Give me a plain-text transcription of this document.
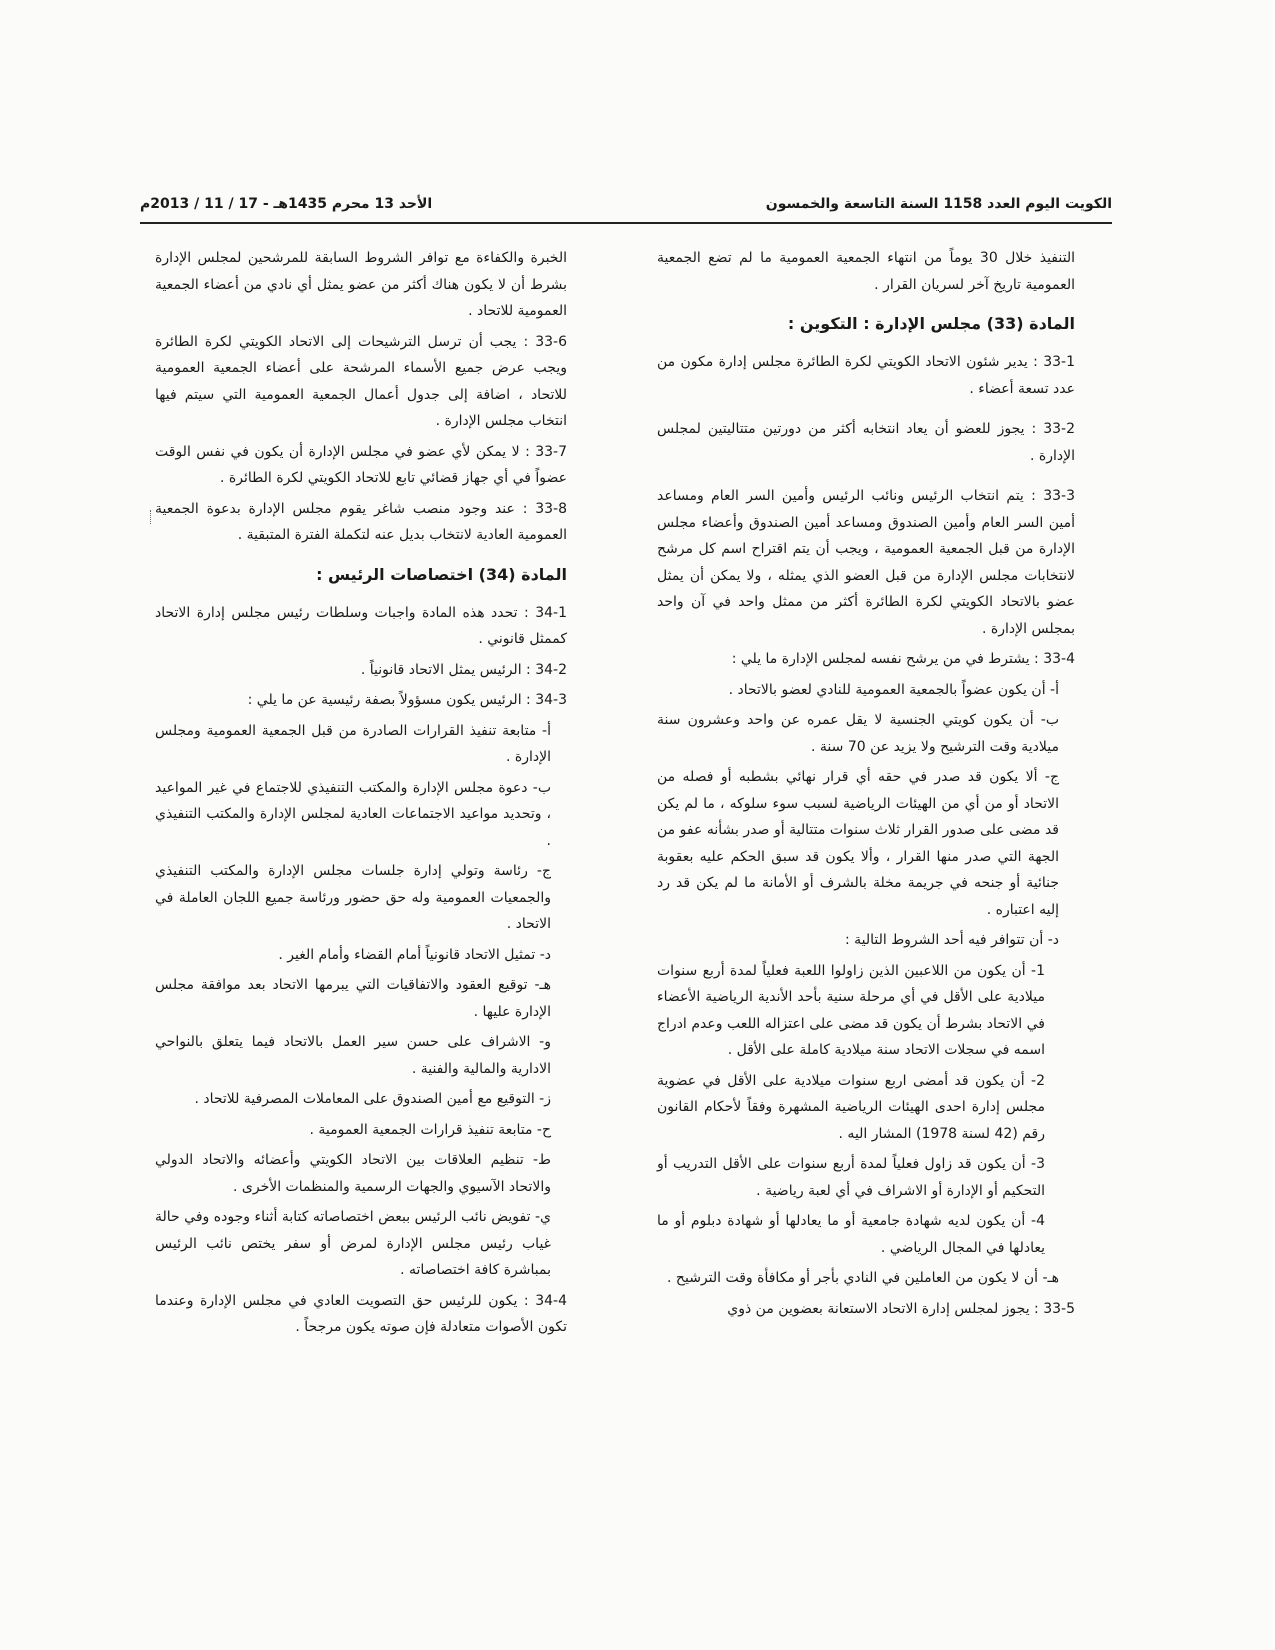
الكويت اليوم العدد 1158 السنة التاسعة والخمسون
الأحد 13 محرم 1435هـ - 17 / 11 / 2013م

التنفيذ خلال 30 يوماً من انتهاء الجمعية العمومية ما لم تضع الجمعية العمومية تاريخ آخر لسريان القرار .

المادة (33) مجلس الإدارة : التكوين :

33-1 : يدير شئون الاتحاد الكويتي لكرة الطائرة مجلس إدارة مكون من عدد تسعة أعضاء .

33-2 : يجوز للعضو أن يعاد انتخابه أكثر من دورتين متتاليتين لمجلس الإدارة .

33-3 : يتم انتخاب الرئيس ونائب الرئيس وأمين السر العام ومساعد أمين السر العام وأمين الصندوق ومساعد أمين الصندوق وأعضاء مجلس الإدارة من قبل الجمعية العمومية ، ويجب أن يتم اقتراح اسم كل مرشح لانتخابات مجلس الإدارة من قبل العضو الذي يمثله ، ولا يمكن أن يمثل عضو بالاتحاد الكويتي لكرة الطائرة أكثر من ممثل واحد في آن واحد بمجلس الإدارة .

33-4 : يشترط في من يرشح نفسه لمجلس الإدارة ما يلي :

أ- أن يكون عضواً بالجمعية العمومية للنادي لعضو بالاتحاد .

ب- أن يكون كويتي الجنسية لا يقل عمره عن واحد وعشرون سنة ميلادية وقت الترشيح ولا يزيد عن 70 سنة .

ج- ألا يكون قد صدر في حقه أي قرار نهائي بشطبه أو فصله من الاتحاد أو من أي من الهيئات الرياضية لسبب سوء سلوكه ، ما لم يكن قد مضى على صدور القرار ثلاث سنوات متتالية أو صدر بشأنه عفو من الجهة التي صدر منها القرار ، وألا يكون قد سبق الحكم عليه بعقوبة جنائية أو جنحه في جريمة مخلة بالشرف أو الأمانة ما لم يكن قد رد إليه اعتباره .

د- أن تتوافر فيه أحد الشروط التالية :

1- أن يكون من اللاعبين الذين زاولوا اللعبة فعلياً لمدة أربع سنوات ميلادية على الأقل في أي مرحلة سنية بأحد الأندية الرياضية الأعضاء في الاتحاد بشرط أن يكون قد مضى على اعتزاله اللعب وعدم ادراج اسمه في سجلات الاتحاد سنة ميلادية كاملة على الأقل .

2- أن يكون قد أمضى اربع سنوات ميلادية على الأقل في عضوية مجلس إدارة احدى الهيئات الرياضية المشهرة وفقاً لأحكام القانون رقم (42 لسنة 1978) المشار اليه .

3- أن يكون قد زاول فعلياً لمدة أربع سنوات على الأقل التدريب أو التحكيم أو الإدارة أو الاشراف في أي لعبة رياضية .

4- أن يكون لديه شهادة جامعية أو ما يعادلها أو شهادة دبلوم أو ما يعادلها في المجال الرياضي .

هـ- أن لا يكون من العاملين في النادي بأجر أو مكافأة وقت الترشيح .

33-5 : يجوز لمجلس إدارة الاتحاد الاستعانة بعضوين من ذوي

الخبرة والكفاءة مع توافر الشروط السابقة للمرشحين لمجلس الإدارة بشرط أن لا يكون هناك أكثر من عضو يمثل أي نادي من أعضاء الجمعية العمومية للاتحاد .

33-6 : يجب أن ترسل الترشيحات إلى الاتحاد الكويتي لكرة الطائرة ويجب عرض جميع الأسماء المرشحة على أعضاء الجمعية العمومية للاتحاد ، اضافة إلى جدول أعمال الجمعية العمومية التي سيتم فيها انتخاب مجلس الإدارة .

33-7 : لا يمكن لأي عضو في مجلس الإدارة أن يكون في نفس الوقت عضواً في أي جهاز قضائي تابع للاتحاد الكويتي لكرة الطائرة .

33-8 : عند وجود منصب شاغر يقوم مجلس الإدارة بدعوة الجمعية العمومية العادية لانتخاب بديل عنه لتكملة الفترة المتبقية .

المادة (34) اختصاصات الرئيس :

34-1 : تحدد هذه المادة واجبات وسلطات رئيس مجلس إدارة الاتحاد كممثل قانوني .

34-2 : الرئيس يمثل الاتحاد قانونياً .

34-3 : الرئيس يكون مسؤولاً بصفة رئيسية عن ما يلي :

أ- متابعة تنفيذ القرارات الصادرة من قبل الجمعية العمومية ومجلس الإدارة .

ب- دعوة مجلس الإدارة والمكتب التنفيذي للاجتماع في غير المواعيد ، وتحديد مواعيد الاجتماعات العادية لمجلس الإدارة والمكتب التنفيذي .

ج- رئاسة وتولي إدارة جلسات مجلس الإدارة والمكتب التنفيذي والجمعيات العمومية وله حق حضور ورئاسة جميع اللجان العاملة في الاتحاد .

د- تمثيل الاتحاد قانونياً أمام القضاء وأمام الغير .

هـ- توقيع العقود والاتفاقيات التي يبرمها الاتحاد بعد موافقة مجلس الإدارة عليها .

و- الاشراف على حسن سير العمل بالاتحاد فيما يتعلق بالنواحي الادارية والمالية والفنية .

ز- التوقيع مع أمين الصندوق على المعاملات المصرفية للاتحاد .

ح- متابعة تنفيذ قرارات الجمعية العمومية .

ط- تنظيم العلاقات بين الاتحاد الكويتي وأعضائه والاتحاد الدولي والاتحاد الآسيوي والجهات الرسمية والمنظمات الأخرى .

ي- تفويض نائب الرئيس ببعض اختصاصاته كتابة أثناء وجوده وفي حالة غياب رئيس مجلس الإدارة لمرض أو سفر يختص نائب الرئيس بمباشرة كافة اختصاصاته .

34-4 : يكون للرئيس حق التصويت العادي في مجلس الإدارة وعندما تكون الأصوات متعادلة فإن صوته يكون مرجحاً .
